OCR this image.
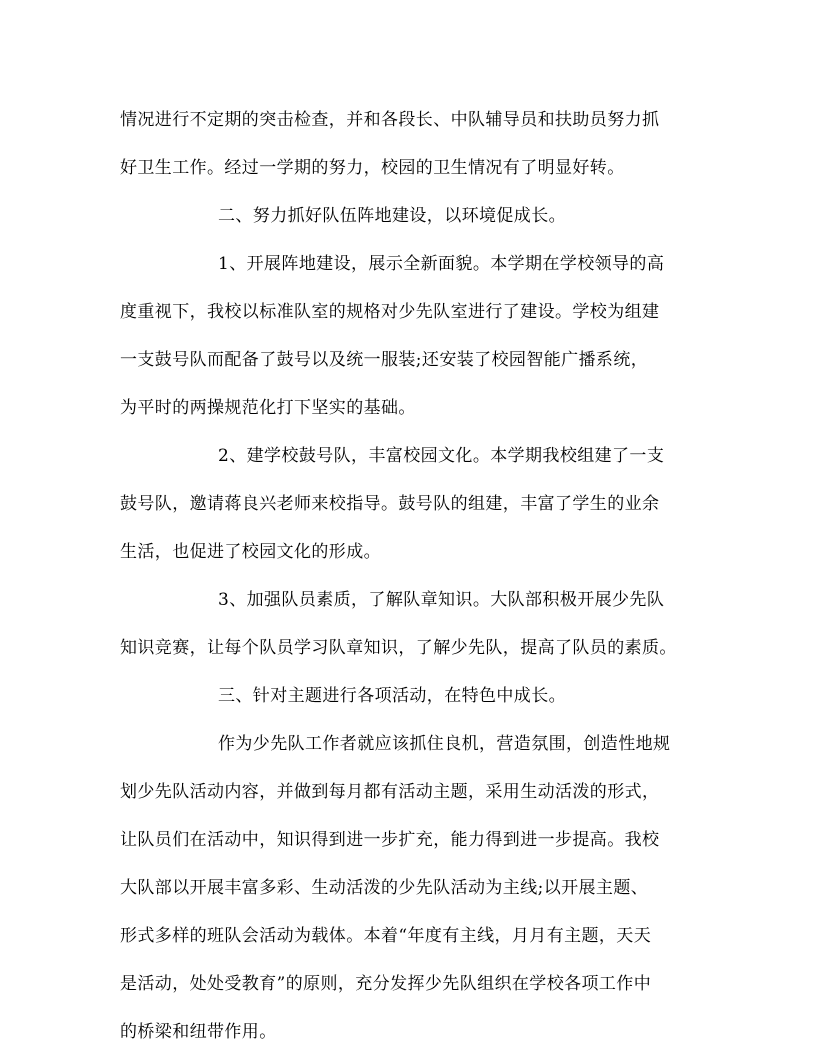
情况进行不定期的突击检查，并和各段长、中队辅导员和扶助员努力抓
好卫生工作。经过一学期的努力，校园的卫生情况有了明显好转。
二、努力抓好队伍阵地建设，以环境促成长。
1、开展阵地建设，展示全新面貌。本学期在学校领导的高
度重视下，我校以标准队室的规格对少先队室进行了建设。学校为组建
一支鼓号队而配备了鼓号以及统一服装;还安装了校园智能广播系统，
为平时的两操规范化打下坚实的基础。
2、建学校鼓号队，丰富校园文化。本学期我校组建了一支
鼓号队，邀请蒋良兴老师来校指导。鼓号队的组建，丰富了学生的业余
生活，也促进了校园文化的形成。
3、加强队员素质，了解队章知识。大队部积极开展少先队
知识竞赛，让每个队员学习队章知识，了解少先队，提高了队员的素质。
三、针对主题进行各项活动，在特色中成长。
作为少先队工作者就应该抓住良机，营造氛围，创造性地规
划少先队活动内容，并做到每月都有活动主题，采用生动活泼的形式，
让队员们在活动中，知识得到进一步扩充，能力得到进一步提高。我校
大队部以开展丰富多彩、生动活泼的少先队活动为主线;以开展主题、
形式多样的班队会活动为载体。本着“年度有主线，月月有主题，天天
是活动，处处受教育”的原则，充分发挥少先队组织在学校各项工作中
的桥梁和纽带作用。
